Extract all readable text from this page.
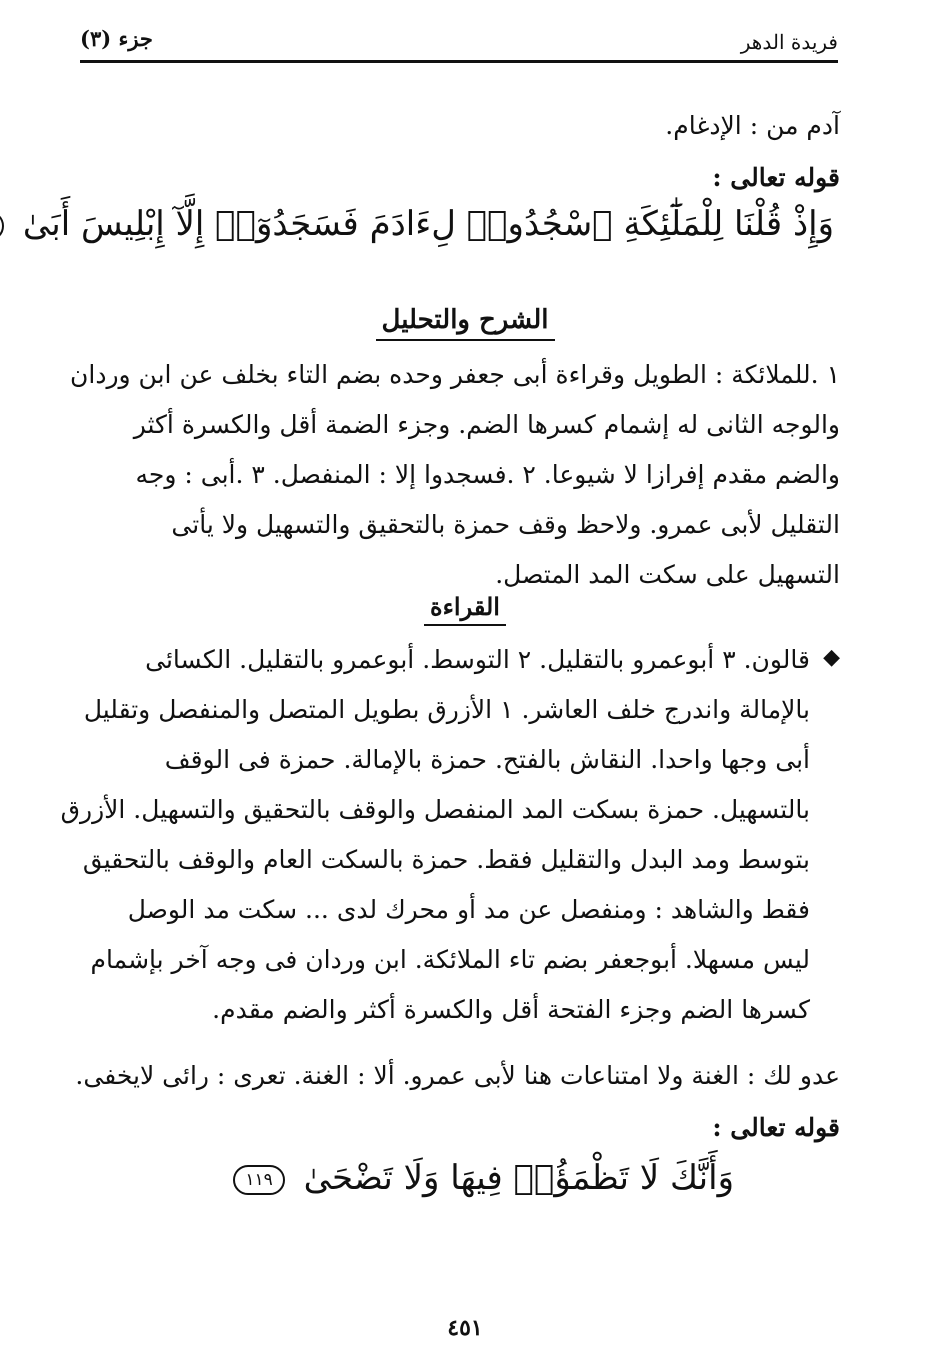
فريدة الدهر
جزء (٣)
آدم من : الإدغام.
قوله تعالى :
وَإِذْ قُلْنَا لِلْمَلَٰٓئِكَةِ ٱسْجُدُوا۟ لِءَادَمَ فَسَجَدُوٓا۟ إِلَّآ إِبْلِيسَ أَبَىٰ
الشرح والتحليل
١ .للملائكة : الطويل وقراءة أبى جعفر وحده بضم التاء بخلف عن ابن وردان
والوجه الثانى له إشمام كسرها الضم. وجزء الضمة أقل والكسرة أكثر
والضم مقدم إفرازا لا شيوعا. ٢ .فسجدوا إلا : المنفصل. ٣ .أبى : وجه
التقليل لأبى عمرو. ولاحظ وقف حمزة بالتحقيق والتسهيل ولا يأتى
التسهيل على سكت المد المتصل.
القراءة
◆
قالون. ٣ أبوعمرو بالتقليل. ٢ التوسط. أبوعمرو بالتقليل. الكسائى
بالإمالة واندرج خلف العاشر. ١ الأزرق بطويل المتصل والمنفصل وتقليل
أبى وجها واحدا. النقاش بالفتح. حمزة بالإمالة. حمزة فى الوقف
بالتسهيل. حمزة بسكت المد المنفصل والوقف بالتحقيق والتسهيل. الأزرق
بتوسط ومد البدل والتقليل فقط. حمزة بالسكت العام والوقف بالتحقيق
فقط والشاهد : ومنفصل عن مد أو محرك لدى ... سكت مد الوصل
ليس مسهلا. أبوجعفر بضم تاء الملائكة. ابن وردان فى وجه آخر بإشمام
كسرها الضم وجزء الفتحة أقل والكسرة أكثر والضم مقدم.
عدو لك : الغنة ولا امتناعات هنا لأبى عمرو. ألا : الغنة. تعرى : رائى لايخفى.
قوله تعالى :
وَأَنَّكَ لَا تَظْمَؤُا۟ فِيهَا وَلَا تَضْحَىٰ ١١٩
٤٥١
